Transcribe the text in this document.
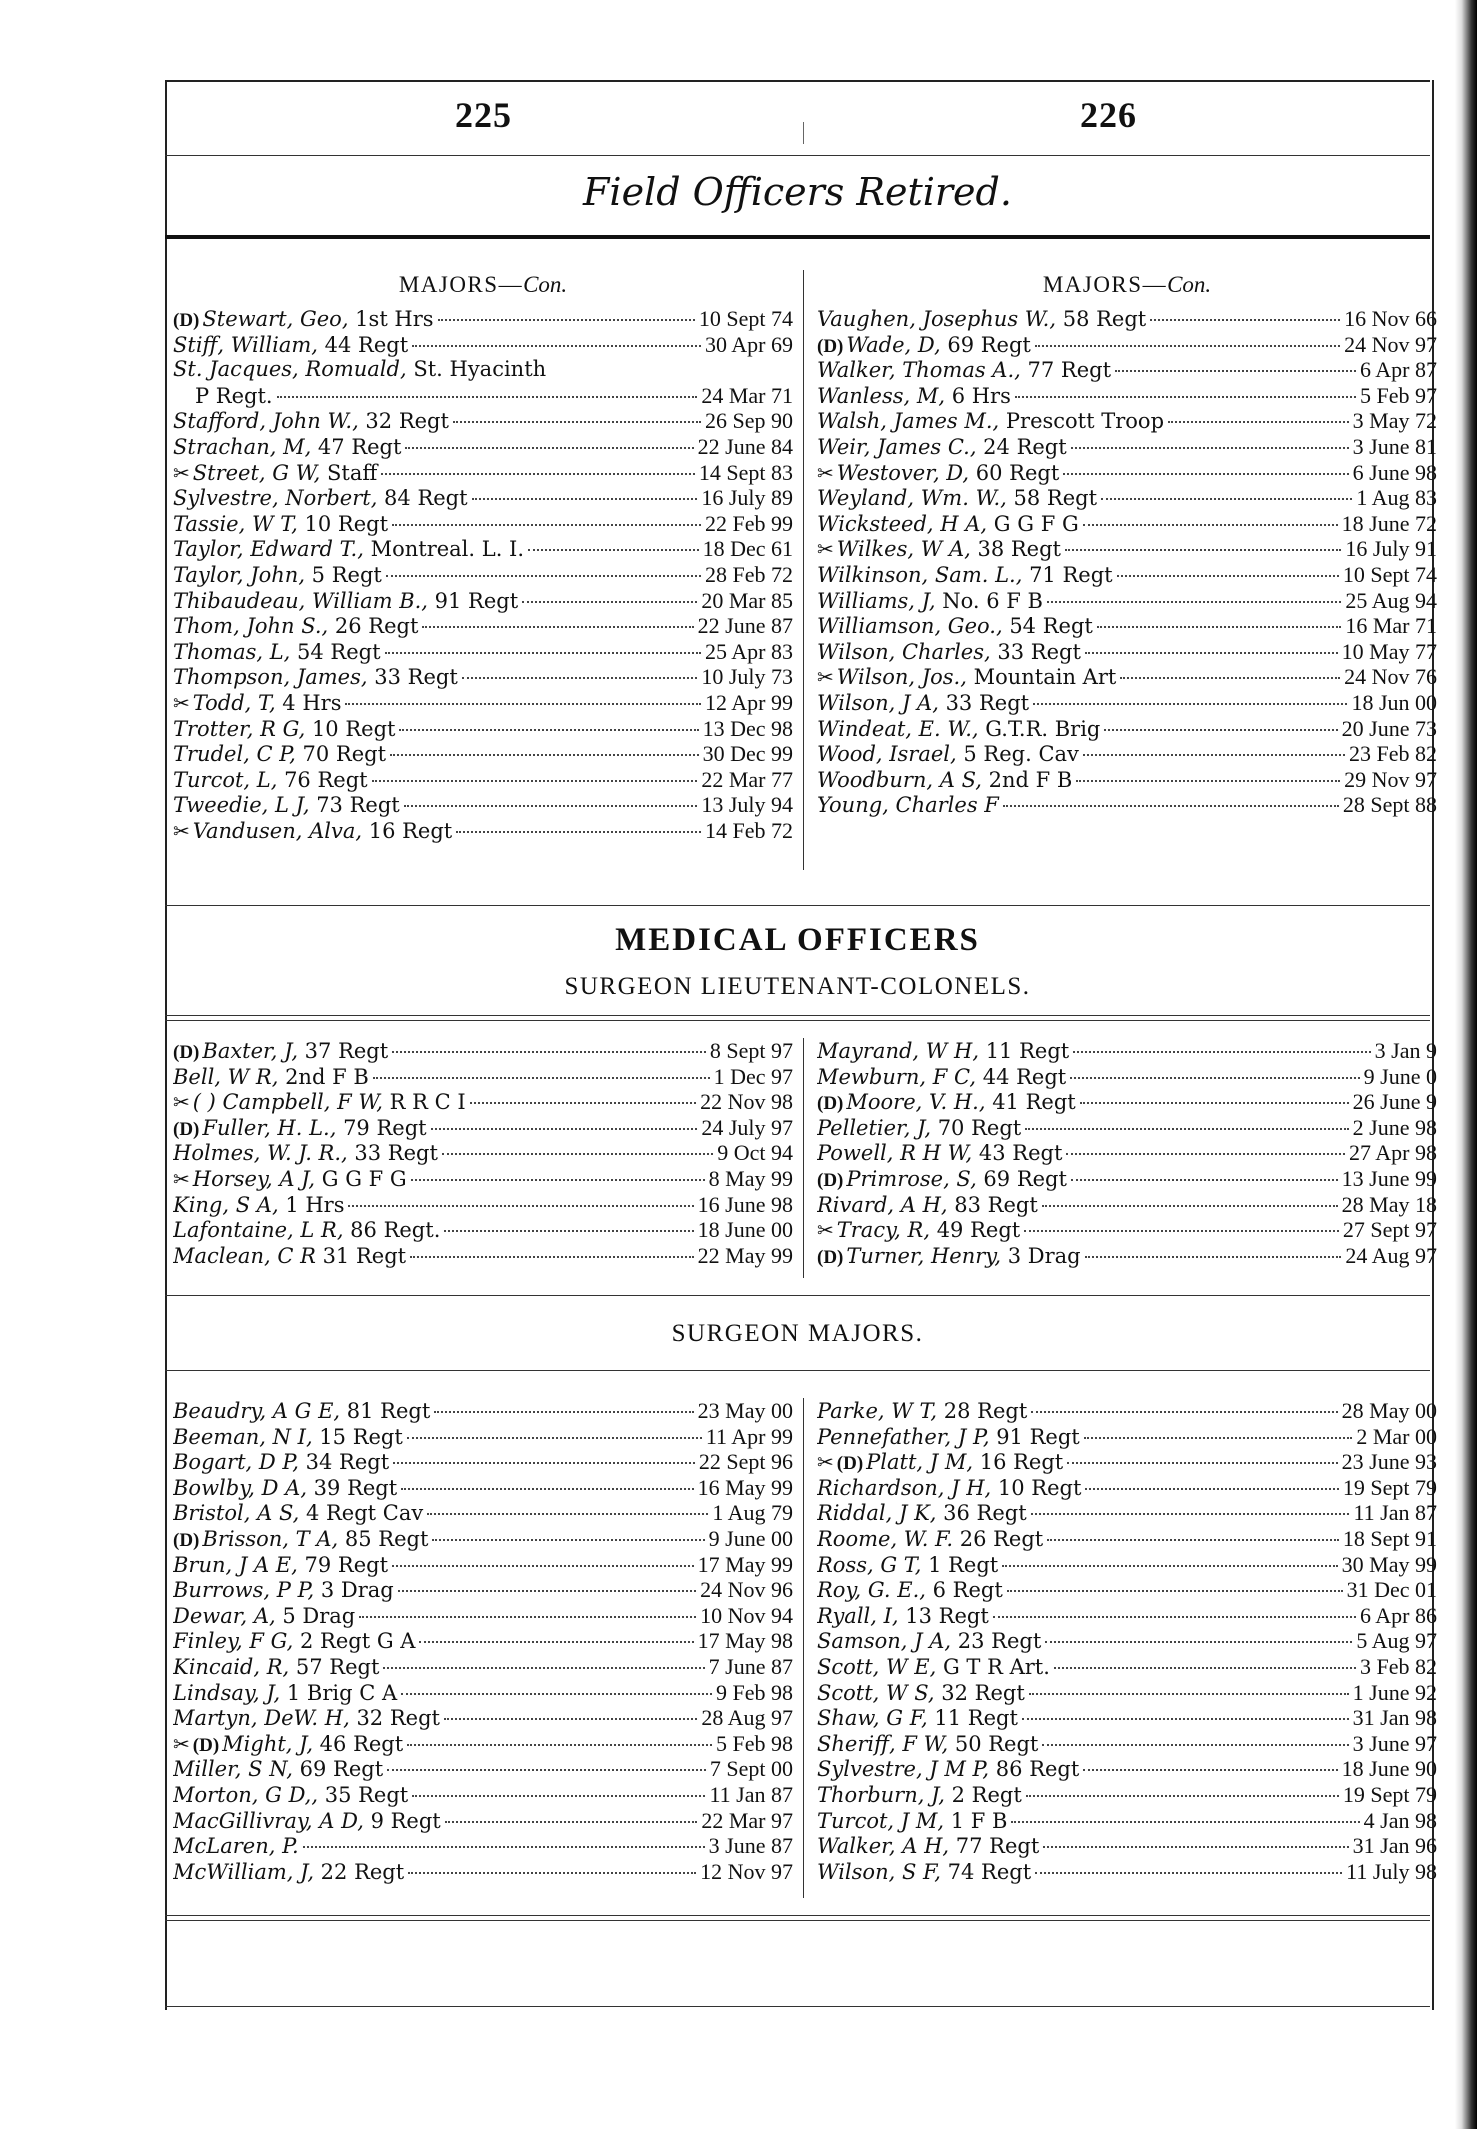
225	226
Field Officers Retired.
MAJORS—Con.
(D) Stewart, Geo, 1st Hrs	10 Sept 74
Stiff, William, 44 Regt	30 Apr 69
St. Jacques, Romuald, St. Hyacinth
P Regt.	24 Mar 71
Stafford, John W., 32 Regt	26 Sep 90
Strachan, M, 47 Regt	22 June 84
✂ Street, G W, Staff	14 Sept 83
Sylvestre, Norbert, 84 Regt	16 July 89
Tassie, W T, 10 Regt	22 Feb 99
Taylor, Edward T., Montreal. L. I.	18 Dec 61
Taylor, John, 5 Regt	28 Feb 72
Thibaudeau, William B., 91 Regt	20 Mar 85
Thom, John S., 26 Regt	22 June 87
Thomas, L, 54 Regt	25 Apr 83
Thompson, James, 33 Regt	10 July 73
✂ Todd, T, 4 Hrs	12 Apr 99
Trotter, R G, 10 Regt	13 Dec 98
Trudel, C P, 70 Regt	30 Dec 99
Turcot, L, 76 Regt	22 Mar 77
Tweedie, L J, 73 Regt	13 July 94
✂ Vandusen, Alva, 16 Regt	14 Feb 72
MAJORS—Con.
Vaughen, Josephus W., 58 Regt	16 Nov 66
(D) Wade, D, 69 Regt	24 Nov 97
Walker, Thomas A., 77 Regt	6 Apr 87
Wanless, M, 6 Hrs	5 Feb 97
Walsh, James M., Prescott Troop	3 May 72
Weir, James C., 24 Regt	3 June 81
✂ Westover, D, 60 Regt	6 June 98
Weyland, Wm. W., 58 Regt	1 Aug 83
Wicksteed, H A, G G F G	18 June 72
✂ Wilkes, W A, 38 Regt	16 July 91
Wilkinson, Sam. L., 71 Regt	10 Sept 74
Williams, J, No. 6 F B	25 Aug 94
Williamson, Geo., 54 Regt	16 Mar 71
Wilson, Charles, 33 Regt	10 May 77
✂ Wilson, Jos., Mountain Art	24 Nov 76
Wilson, J A, 33 Regt	18 Jun 00
Windeat, E. W., G.T.R. Brig	20 June 73
Wood, Israel, 5 Reg. Cav	23 Feb 82
Woodburn, A S, 2nd F B	29 Nov 97
Young, Charles F	28 Sept 88
MEDICAL OFFICERS
SURGEON LIEUTENANT-COLONELS.
(D) Baxter, J, 37 Regt	8 Sept 97
Bell, W R, 2nd F B	1 Dec 97
✂ ( ) Campbell, F W, R R C I	22 Nov 98
(D) Fuller, H. L., 79 Regt	24 July 97
Holmes, W. J. R., 33 Regt	9 Oct 94
✂ Horsey, A J, G G F G	8 May 99
King, S A, 1 Hrs	16 June 98
Lafontaine, L R, 86 Regt.	18 June 00
Maclean, C R 31 Regt	22 May 99
Mayrand, W H, 11 Regt	3 Jan 9
Mewburn, F C, 44 Regt	9 June 0
(D) Moore, V. H., 41 Regt	26 June 9
Pelletier, J, 70 Regt	2 June 98
Powell, R H W, 43 Regt	27 Apr 98
(D) Primrose, S, 69 Regt	13 June 99
Rivard, A H, 83 Regt	28 May 18
✂ Tracy, R, 49 Regt	27 Sept 97
(D) Turner, Henry, 3 Drag	24 Aug 97
SURGEON MAJORS.
Beaudry, A G E, 81 Regt	23 May 00
Beeman, N I, 15 Regt	11 Apr 99
Bogart, D P, 34 Regt	22 Sept 96
Bowlby, D A, 39 Regt	16 May 99
Bristol, A S, 4 Regt Cav	1 Aug 79
(D) Brisson, T A, 85 Regt	9 June 00
Brun, J A E, 79 Regt	17 May 99
Burrows, P P, 3 Drag	24 Nov 96
Dewar, A, 5 Drag	10 Nov 94
Finley, F G, 2 Regt G A	17 May 98
Kincaid, R, 57 Regt	7 June 87
Lindsay, J, 1 Brig C A	9 Feb 98
Martyn, DeW. H, 32 Regt	28 Aug 97
✂ (D) Might, J, 46 Regt	5 Feb 98
Miller, S N, 69 Regt	7 Sept 00
Morton, G D,, 35 Regt	11 Jan 87
MacGillivray, A D, 9 Regt	22 Mar 97
McLaren, P.	3 June 87
McWilliam, J, 22 Regt	12 Nov 97
Parke, W T, 28 Regt	28 May 00
Pennefather, J P, 91 Regt	2 Mar 00
✂ (D) Platt, J M, 16 Regt	23 June 93
Richardson, J H, 10 Regt	19 Sept 79
Riddal, J K, 36 Regt	11 Jan 87
Roome, W. F. 26 Regt	18 Sept 91
Ross, G T, 1 Regt	30 May 99
Roy, G. E., 6 Regt	31 Dec 01
Ryall, I, 13 Regt	6 Apr 86
Samson, J A, 23 Regt	5 Aug 97
Scott, W E, G T R Art.	3 Feb 82
Scott, W S, 32 Regt	1 June 92
Shaw, G F, 11 Regt	31 Jan 98
Sheriff, F W, 50 Regt	3 June 97
Sylvestre, J M P, 86 Regt	18 June 90
Thorburn, J, 2 Regt	19 Sept 79
Turcot, J M, 1 F B	4 Jan 98
Walker, A H, 77 Regt	31 Jan 96
Wilson, S F, 74 Regt	11 July 98
